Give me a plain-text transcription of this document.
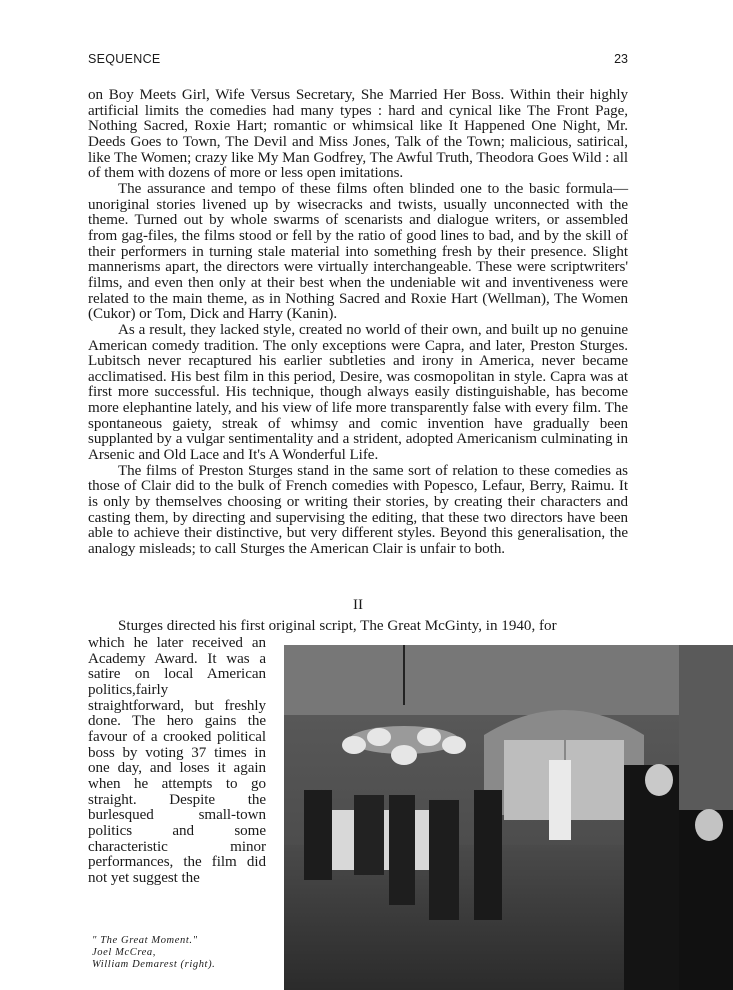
SEQUENCE	23

on Boy Meets Girl, Wife Versus Secretary, She Married Her Boss. Within their highly artificial limits the comedies had many types : hard and cynical like The Front Page, Nothing Sacred, Roxie Hart; romantic or whimsical like It Happened One Night, Mr. Deeds Goes to Town, The Devil and Miss Jones, Talk of the Town; malicious, satirical, like The Women; crazy like My Man Godfrey, The Awful Truth, Theodora Goes Wild : all of them with dozens of more or less open imitations.

The assurance and tempo of these films often blinded one to the basic formula—unoriginal stories livened up by wisecracks and twists, usually unconnected with the theme. Turned out by whole swarms of scenarists and dialogue writers, or assembled from gag-files, the films stood or fell by the ratio of good lines to bad, and by the skill of their performers in turning stale material into something fresh by their presence. Slight mannerisms apart, the directors were virtually interchangeable. These were scriptwriters' films, and even then only at their best when the undeniable wit and inventiveness were related to the main theme, as in Nothing Sacred and Roxie Hart (Wellman), The Women (Cukor) or Tom, Dick and Harry (Kanin).

As a result, they lacked style, created no world of their own, and built up no genuine American comedy tradition. The only exceptions were Capra, and later, Preston Sturges. Lubitsch never recaptured his earlier subtleties and irony in America, never became acclimatised. His best film in this period, Desire, was cosmopolitan in style. Capra was at first more successful. His technique, though always easily distinguishable, has become more elephantine lately, and his view of life more transparently false with every film. The spontaneous gaiety, streak of whimsy and comic invention have gradually been supplanted by a vulgar sentimentality and a strident, adopted Americanism culminating in Arsenic and Old Lace and It's A Wonderful Life.

The films of Preston Sturges stand in the same sort of relation to these comedies as those of Clair did to the bulk of French comedies with Popesco, Lefaur, Berry, Raimu. It is only by themselves choosing or writing their stories, by creating their characters and casting them, by directing and supervising the editing, that these two directors have been able to achieve their distinctive, but very different styles. Beyond this generalisation, the analogy misleads; to call Sturges the American Clair is unfair to both.

II
Sturges directed his first original script, The Great McGinty, in 1940, for

which he later received an Academy Award. It was a satire on local American politics,fairly straightforward, but freshly done. The hero gains the favour of a crooked political boss by voting 37 times in one day, and loses it again when he attempts to go straight. Despite the burlesqued small-town politics and some characteristic minor performances, the film did not yet suggest the

" The Great Moment."
Joel McCrea,
William Demarest (right).
